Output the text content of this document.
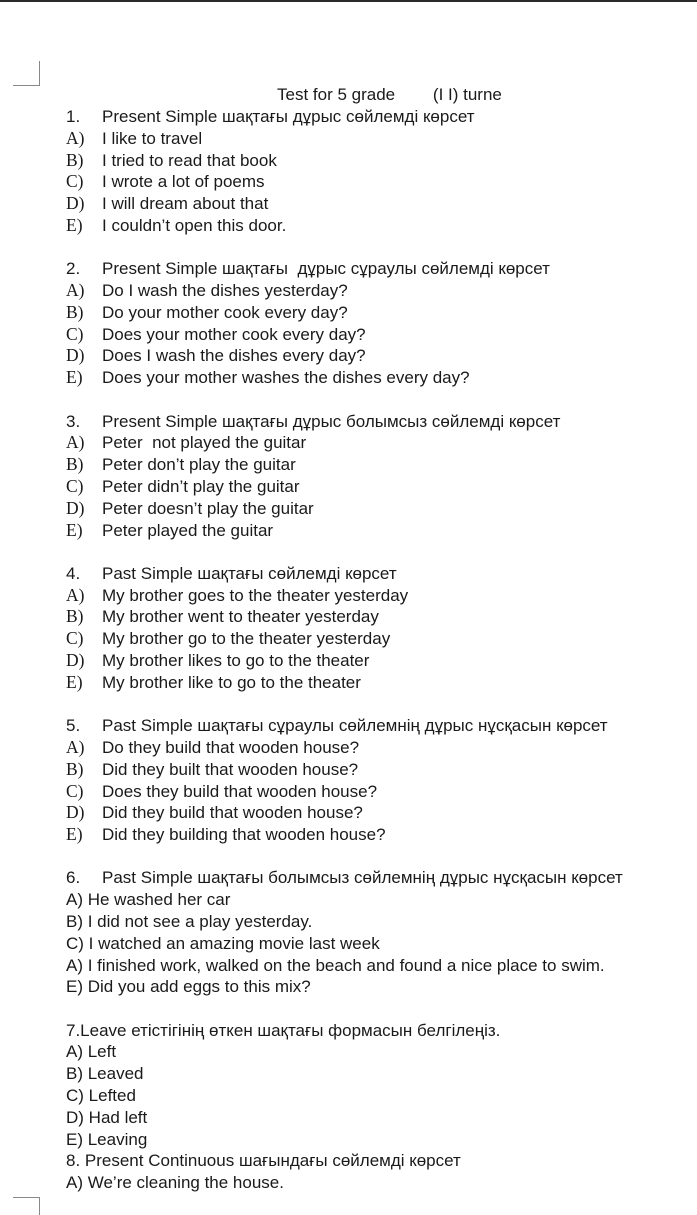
Test for 5 grade        (I I) turne
1.	Present Simple шақтағы дұрыс сөйлемді көрсет
A)	I like to travel
B)	I tried to read that book
C)	I wrote a lot of poems
D)	I will dream about that
E)	I couldn’t open this door.
2.	Present Simple шақтағы  дұрыс сұраулы сөйлемді көрсет
A)	Do I wash the dishes yesterday?
B)	Do your mother cook every day?
C)	Does your mother cook every day?
D)	Does I wash the dishes every day?
E)	Does your mother washes the dishes every day?
3.	Present Simple шақтағы дұрыс болымсыз сөйлемді көрсет
A)	Peter  not played the guitar
B)	Peter don’t play the guitar
C)	Peter didn’t play the guitar
D)	Peter doesn’t play the guitar
E)	Peter played the guitar
4.	Past Simple шақтағы сөйлемді көрсет
A)	My brother goes to the theater yesterday
B)	My brother went to theater yesterday
C)	My brother go to the theater yesterday
D)	My brother likes to go to the theater
E)	My brother like to go to the theater
5.	Past Simple шақтағы сұраулы сөйлемнің дұрыс нұсқасын көрсет
A)	Do they build that wooden house?
B)	Did they built that wooden house?
C)	Does they build that wooden house?
D)	Did they build that wooden house?
E)	Did they building that wooden house?
6.	Past Simple шақтағы болымсыз сөйлемнің дұрыс нұсқасын көрсет
A) He washed her car
B) I did not see a play yesterday.
C) I watched an amazing movie last week
A) I finished work, walked on the beach and found a nice place to swim.
E) Did you add eggs to this mix?
7.Leave етістігінің өткен шақтағы формасын белгілеңіз.
A) Left
B) Leaved
C) Lefted
D) Had left
E) Leaving
8. Present Continuous шағындағы сөйлемді көрсет
A) We’re cleaning the house.
